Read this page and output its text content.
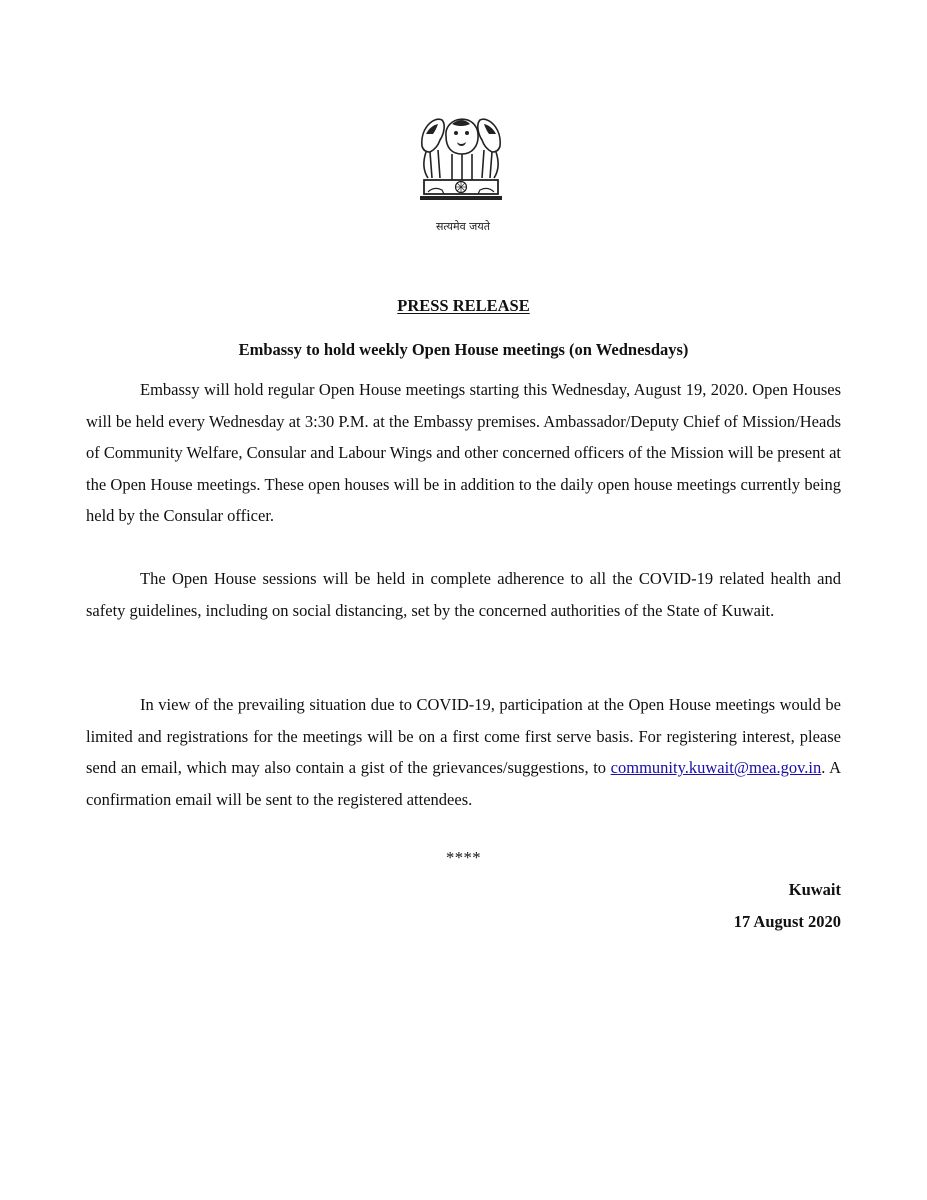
सत्यमेव जयते
PRESS RELEASE
Embassy to hold weekly Open House meetings (on Wednesdays)
Embassy will hold regular Open House meetings starting this Wednesday, August 19, 2020. Open Houses will be held every Wednesday at 3:30 P.M. at the Embassy premises. Ambassador/Deputy Chief of Mission/Heads of Community Welfare, Consular and Labour Wings and other concerned officers of the Mission will be present at the Open House meetings. These open houses will be in addition to the daily open house meetings currently being held by the Consular officer.
The Open House sessions will be held in complete adherence to all the COVID-19 related health and safety guidelines, including on social distancing, set by the concerned authorities of the State of Kuwait.
In view of the prevailing situation due to COVID-19, participation at the Open House meetings would be limited and registrations for the meetings will be on a first come first serve basis. For registering interest, please send an email, which may also contain a gist of the grievances/suggestions, to community.kuwait@mea.gov.in. A confirmation email will be sent to the registered attendees.
****
Kuwait
17 August 2020
